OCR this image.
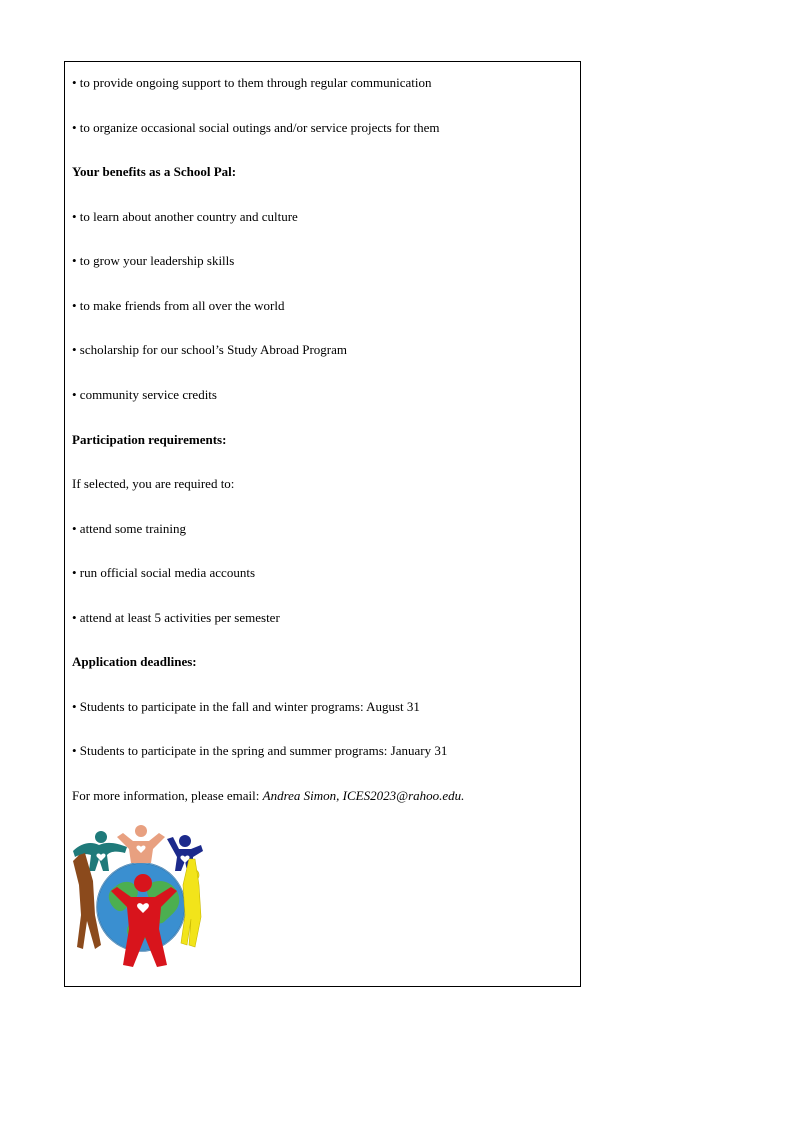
• to provide ongoing support to them through regular communication
• to organize occasional social outings and/or service projects for them
Your benefits as a School Pal:
• to learn about another country and culture
• to grow your leadership skills
• to make friends from all over the world
• scholarship for our school’s Study Abroad Program
• community service credits
Participation requirements:
If selected, you are required to:
• attend some training
• run official social media accounts
• attend at least 5 activities per semester
Application deadlines:
• Students to participate in the fall and winter programs: August 31
• Students to participate in the spring and summer programs: January 31
For more information, please email: Andrea Simon, ICES2023@rahoo.edu.
